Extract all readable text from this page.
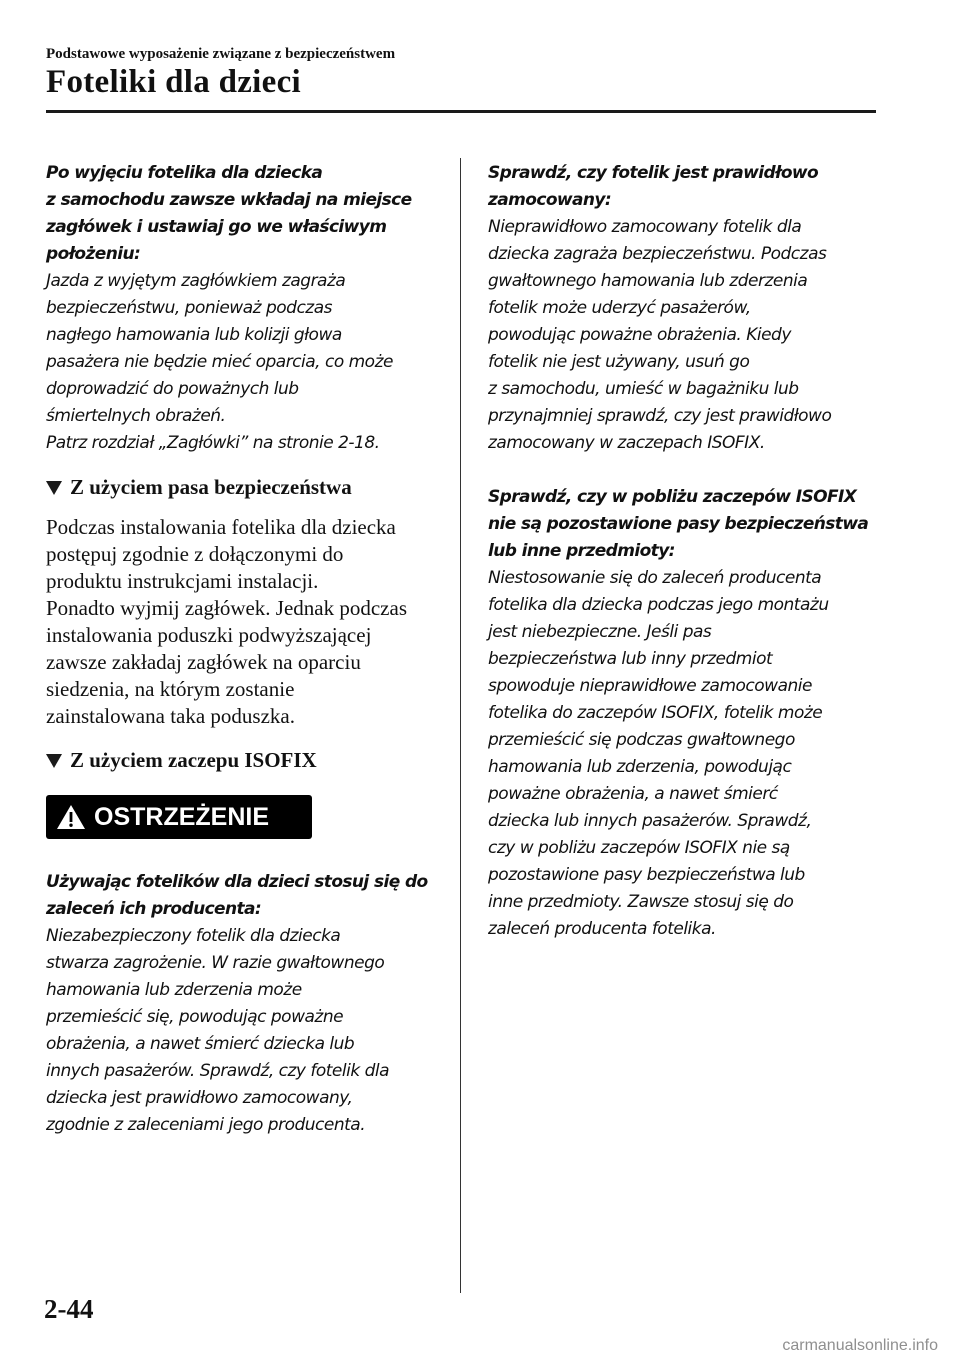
Podstawowe wyposażenie związane z bezpieczeństwem
Foteliki dla dzieci
Po wyjęciu fotelika dla dziecka
z samochodu zawsze wkładaj na miejsce
zagłówek i ustawiaj go we właściwym
położeniu:
Jazda z wyjętym zagłówkiem zagraża
bezpieczeństwu, ponieważ podczas
nagłego hamowania lub kolizji głowa
pasażera nie będzie mieć oparcia, co może
doprowadzić do poważnych lub
śmiertelnych obrażeń.
Patrz rozdział „Zagłówki” na stronie 2-18.
Z użyciem pasa bezpieczeństwa
Podczas instalowania fotelika dla dziecka
postępuj zgodnie z dołączonymi do
produktu instrukcjami instalacji.
Ponadto wyjmij zagłówek. Jednak podczas
instalowania poduszki podwyższającej
zawsze zakładaj zagłówek na oparciu
siedzenia, na którym zostanie
zainstalowana taka poduszka.
Z użyciem zaczepu ISOFIX
OSTRZEŻENIE
Używając fotelików dla dzieci stosuj się do
zaleceń ich producenta:
Niezabezpieczony fotelik dla dziecka
stwarza zagrożenie. W razie gwałtownego
hamowania lub zderzenia może
przemieścić się, powodując poważne
obrażenia, a nawet śmierć dziecka lub
innych pasażerów. Sprawdź, czy fotelik dla
dziecka jest prawidłowo zamocowany,
zgodnie z zaleceniami jego producenta.
Sprawdź, czy fotelik jest prawidłowo
zamocowany:
Nieprawidłowo zamocowany fotelik dla
dziecka zagraża bezpieczeństwu. Podczas
gwałtownego hamowania lub zderzenia
fotelik może uderzyć pasażerów,
powodując poważne obrażenia. Kiedy
fotelik nie jest używany, usuń go
z samochodu, umieść w bagażniku lub
przynajmniej sprawdź, czy jest prawidłowo
zamocowany w zaczepach ISOFIX.
Sprawdź, czy w pobliżu zaczepów ISOFIX
nie są pozostawione pasy bezpieczeństwa
lub inne przedmioty:
Niestosowanie się do zaleceń producenta
fotelika dla dziecka podczas jego montażu
jest niebezpieczne. Jeśli pas
bezpieczeństwa lub inny przedmiot
spowoduje nieprawidłowe zamocowanie
fotelika do zaczepów ISOFIX, fotelik może
przemieścić się podczas gwałtownego
hamowania lub zderzenia, powodując
poważne obrażenia, a nawet śmierć
dziecka lub innych pasażerów. Sprawdź,
czy w pobliżu zaczepów ISOFIX nie są
pozostawione pasy bezpieczeństwa lub
inne przedmioty. Zawsze stosuj się do
zaleceń producenta fotelika.
2-44
carmanualsonline.info
